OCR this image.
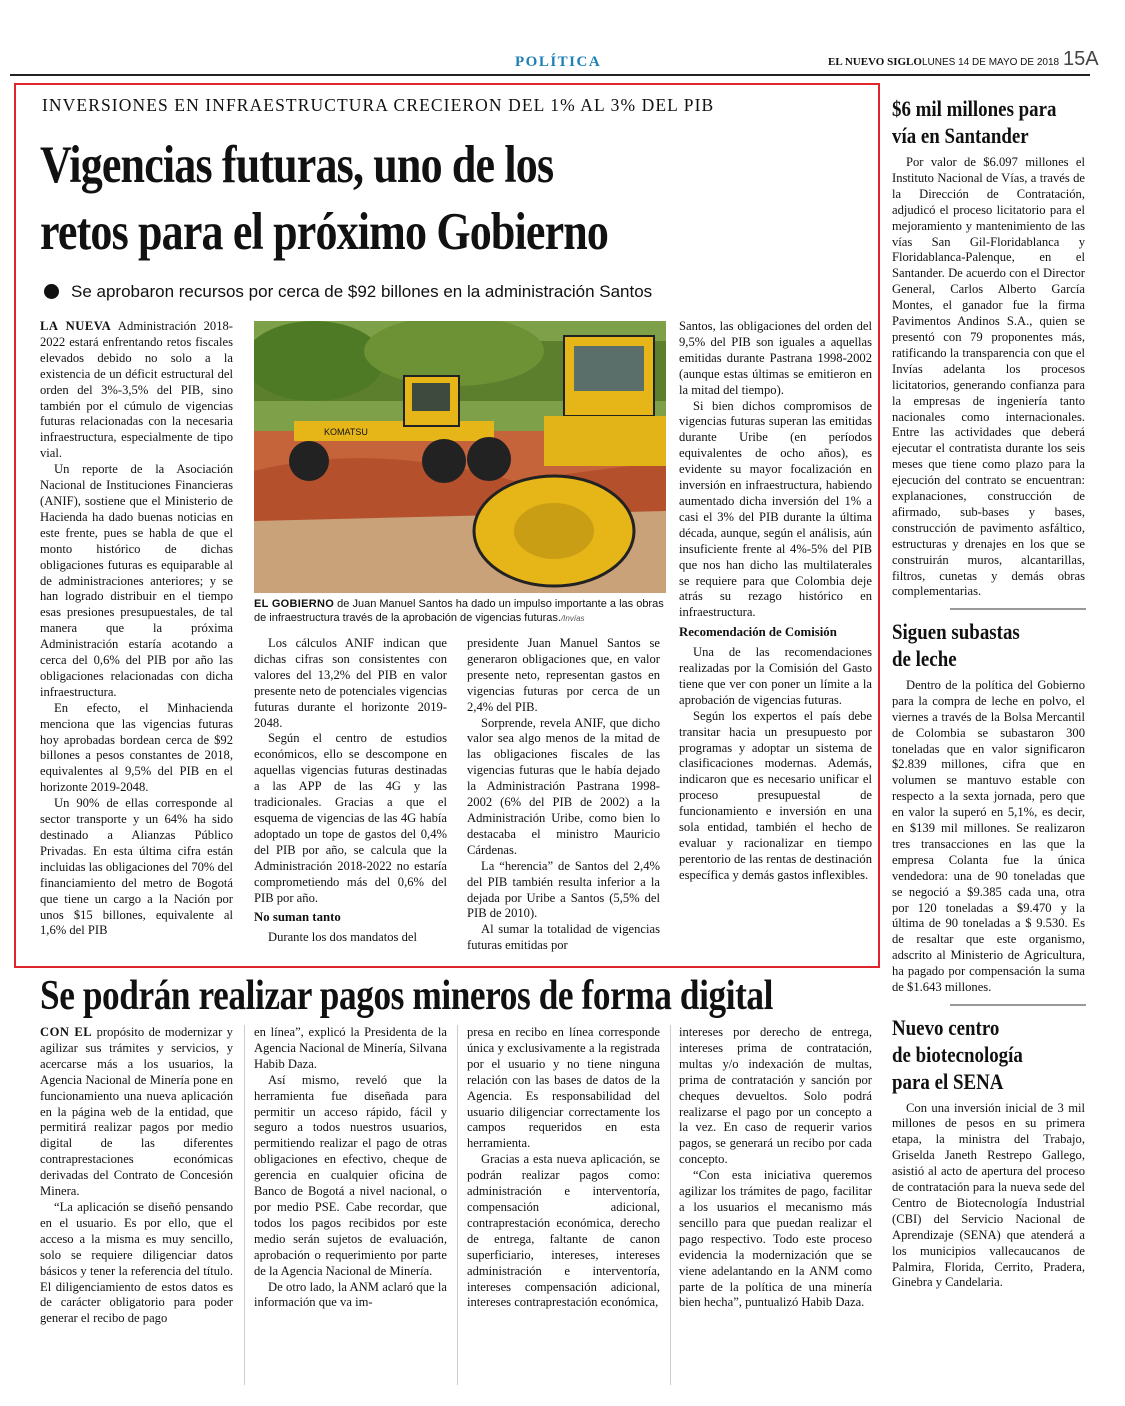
POLÍTICA	EL NUEVO SIGLO LUNES 14 DE MAYO DE 2018 15A
INVERSIONES EN INFRAESTRUCTURA CRECIERON DEL 1% AL 3% DEL PIB
Vigencias futuras, uno de los
retos para el próximo Gobierno
Se aprobaron recursos por cerca de $92 billones en la administración Santos

LA NUEVA Administración 2018-2022 estará enfrentando retos fiscales elevados debido no solo a la existencia de un déficit estructural del orden del 3%-3,5% del PIB, sino también por el cúmulo de vigencias futuras relacionadas con la necesaria infraestructura, especialmente de tipo vial.

Un reporte de la Asociación Nacional de Instituciones Financieras (ANIF), sostiene que el Ministerio de Hacienda ha dado buenas noticias en este frente, pues se habla de que el monto histórico de dichas obligaciones futuras es equiparable al de administraciones anteriores; y se han logrado distribuir en el tiempo esas presiones presupuestales, de tal manera que la próxima Administración estaría acotando a cerca del 0,6% del PIB por año las obligaciones relacionadas con dicha infraestructura.

En efecto, el Minhacienda menciona que las vigencias futuras hoy aprobadas bordean cerca de $92 billones a pesos constantes de 2018, equivalentes al 9,5% del PIB en el horizonte 2019-2048.

Un 90% de ellas corresponde al sector transporte y un 64% ha sido destinado a Alianzas Público Privadas. En esta última cifra están incluidas las obligaciones del 70% del financiamiento del metro de Bogotá que tiene un cargo a la Nación por unos $15 billones, equivalente al 1,6% del PIB

KOMATSU
EL GOBIERNO de Juan Manuel Santos ha dado un impulso importante a las obras de infraestructura través de la aprobación de vigencias futuras./Invías

Los cálculos ANIF indican que dichas cifras son consistentes con valores del 13,2% del PIB en valor presente neto de potenciales vigencias futuras durante el horizonte 2019-2048.

Según el centro de estudios económicos, ello se descompone en aquellas vigencias futuras destinadas a las APP de las 4G y las tradicionales. Gracias a que el esquema de vigencias de las 4G había adoptado un tope de gastos del 0,4% del PIB por año, se calcula que la Administración 2018-2022 no estaría comprometiendo más del 0,6% del PIB por año.

No suman tanto

Durante los dos mandatos del

presidente Juan Manuel Santos se generaron obligaciones que, en valor presente neto, representan gastos en vigencias futuras por cerca de un 2,4% del PIB.

Sorprende, revela ANIF, que dicho valor sea algo menos de la mitad de las obligaciones fiscales de las vigencias futuras que le había dejado la Administración Pastrana 1998-2002 (6% del PIB de 2002) a la Administración Uribe, como bien lo destacaba el ministro Mauricio Cárdenas.

La “herencia” de Santos del 2,4% del PIB también resulta inferior a la dejada por Uribe a Santos (5,5% del PIB de 2010).

Al sumar la totalidad de vigencias futuras emitidas por

Santos, las obligaciones del orden del 9,5% del PIB son iguales a aquellas emitidas durante Pastrana 1998-2002 (aunque estas últimas se emitieron en la mitad del tiempo).

Si bien dichos compromisos de vigencias futuras superan las emitidas durante Uribe (en períodos equivalentes de ocho años), es evidente su mayor focalización en inversión en infraestructura, habiendo aumentado dicha inversión del 1% a casi el 3% del PIB durante la última década, aunque, según el análisis, aún insuficiente frente al 4%-5% del PIB que nos han dicho las multilaterales se requiere para que Colombia deje atrás su rezago histórico en infraestructura.

Recomendación de Comisión

Una de las recomendaciones realizadas por la Comisión del Gasto tiene que ver con poner un límite a la aprobación de vigencias futuras.

Según los expertos el país debe transitar hacia un presupuesto por programas y adoptar un sistema de clasificaciones modernas. Además, indicaron que es necesario unificar el proceso presupuestal de funcionamiento e inversión en una sola entidad, también el hecho de evaluar y racionalizar en tiempo perentorio de las rentas de destinación específica y demás gastos inflexibles.

$6 mil millones para
vía en Santander

Por valor de $6.097 millones el Instituto Nacional de Vías, a través de la Dirección de Contratación, adjudicó el proceso licitatorio para el mejoramiento y mantenimiento de las vías San Gil-Floridablanca y Floridablanca-Palenque, en el Santander. De acuerdo con el Director General, Carlos Alberto García Montes, el ganador fue la firma Pavimentos Andinos S.A., quien se presentó con 79 proponentes más, ratificando la transparencia con que el Invías adelanta los procesos licitatorios, generando confianza para la empresas de ingeniería tanto nacionales como internacionales. Entre las actividades que deberá ejecutar el contratista durante los seis meses que tiene como plazo para la ejecución del contrato se encuentran: explanaciones, construcción de afirmado, sub-bases y bases, construcción de pavimento asfáltico, estructuras y drenajes en los que se construirán muros, alcantarillas, filtros, cunetas y demás obras complementarias.

Siguen subastas
de leche

Dentro de la política del Gobierno para la compra de leche en polvo, el viernes a través de la Bolsa Mercantil de Colombia se subastaron 300 toneladas que en valor significaron $2.839 millones, cifra que en volumen se mantuvo estable con respecto a la sexta jornada, pero que en valor la superó en 5,1%, es decir, en $139 mil millones. Se realizaron tres transacciones en las que la empresa Colanta fue la única vendedora: una de 90 toneladas que se negoció a $9.385 cada una, otra por 120 toneladas a $9.470 y la última de 90 toneladas a $ 9.530. Es de resaltar que este organismo, adscrito al Ministerio de Agricultura, ha pagado por compensación la suma de $1.643 millones.

Nuevo centro
de biotecnología
para el SENA

Con una inversión inicial de 3 mil millones de pesos en su primera etapa, la ministra del Trabajo, Griselda Janeth Restrepo Gallego, asistió al acto de apertura del proceso de contratación para la nueva sede del Centro de Biotecnología Industrial (CBI) del Servicio Nacional de Aprendizaje (SENA) que atenderá a los municipios vallecaucanos de Palmira, Florida, Cerrito, Pradera, Ginebra y Candelaria.

Se podrán realizar pagos mineros de forma digital

CON EL propósito de modernizar y agilizar sus trámites y servicios, y acercarse más a los usuarios, la Agencia Nacional de Minería pone en funcionamiento una nueva aplicación en la página web de la entidad, que permitirá realizar pagos por medio digital de las diferentes contraprestaciones económicas derivadas del Contrato de Concesión Minera.

“La aplicación se diseñó pensando en el usuario. Es por ello, que el acceso a la misma es muy sencillo, solo se requiere diligenciar datos básicos y tener la referencia del título. El diligenciamiento de estos datos es de carácter obligatorio para poder generar el recibo de pago

en línea”, explicó la Presidenta de la Agencia Nacional de Minería, Silvana Habib Daza.

Así mismo, reveló que la herramienta fue diseñada para permitir un acceso rápido, fácil y seguro a todos nuestros usuarios, permitiendo realizar el pago de otras obligaciones en efectivo, cheque de gerencia en cualquier oficina de Banco de Bogotá a nivel nacional, o por medio PSE. Cabe recordar, que todos los pagos recibidos por este medio serán sujetos de evaluación, aprobación o requerimiento por parte de la Agencia Nacional de Minería.

De otro lado, la ANM aclaró que la información que va im-

presa en recibo en línea corresponde única y exclusivamente a la registrada por el usuario y no tiene ninguna relación con las bases de datos de la Agencia. Es responsabilidad del usuario diligenciar correctamente los campos requeridos en esta herramienta.

Gracias a esta nueva aplicación, se podrán realizar pagos como: administración e interventoría, compensación adicional, contraprestación económica, derecho de entrega, faltante de canon superficiario, intereses, intereses administración e interventoría, intereses compensación adicional, intereses contraprestación económica,

intereses por derecho de entrega, intereses prima de contratación, multas y/o indexación de multas, prima de contratación y sanción por cheques devueltos. Solo podrá realizarse el pago por un concepto a la vez. En caso de requerir varios pagos, se generará un recibo por cada concepto.

“Con esta iniciativa queremos agilizar los trámites de pago, facilitar a los usuarios el mecanismo más sencillo para que puedan realizar el pago respectivo. Todo este proceso evidencia la modernización que se viene adelantando en la ANM como parte de la política de una minería bien hecha”, puntualizó Habib Daza.
